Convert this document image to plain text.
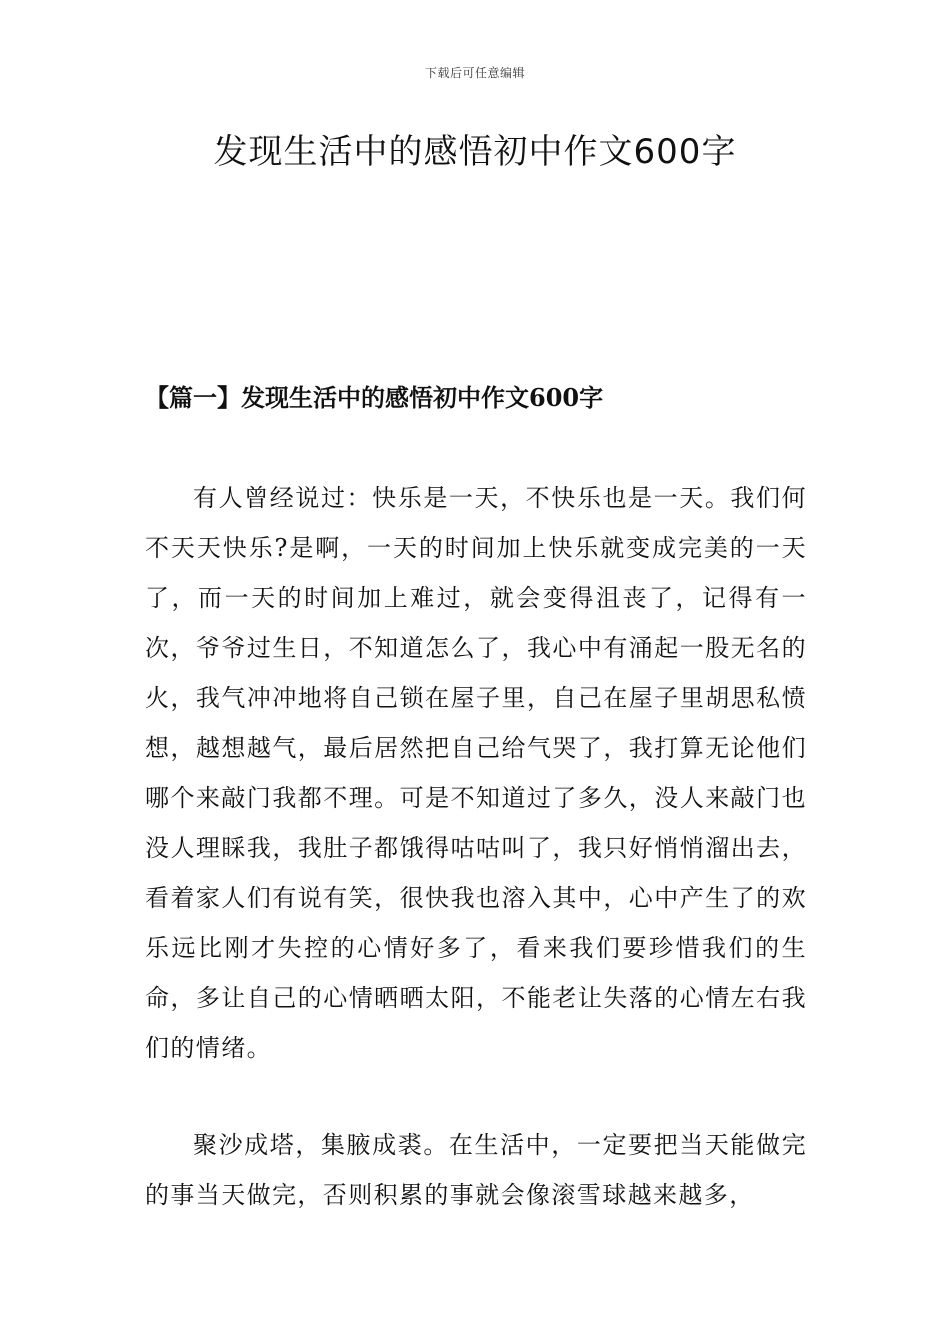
下载后可任意编辑
发现生活中的感悟初中作文600字
【篇一】发现生活中的感悟初中作文600字

有人曾经说过：快乐是一天，不快乐也是一天。我们何不天天快乐?是啊，一天的时间加上快乐就变成完美的一天了，而一天的时间加上难过，就会变得沮丧了，记得有一次，爷爷过生日，不知道怎么了，我心中有涌起一股无名的火，我气冲冲地将自己锁在屋子里，自己在屋子里胡思私愤想，越想越气，最后居然把自己给气哭了，我打算无论他们哪个来敲门我都不理。可是不知道过了多久，没人来敲门也没人理睬我，我肚子都饿得咕咕叫了，我只好悄悄溜出去，看着家人们有说有笑，很快我也溶入其中，心中产生了的欢乐远比刚才失控的心情好多了，看来我们要珍惜我们的生命，多让自己的心情晒晒太阳，不能老让失落的心情左右我们的情绪。

聚沙成塔，集腋成裘。在生活中，一定要把当天能做完的事当天做完，否则积累的事就会像滚雪球越来越多，
